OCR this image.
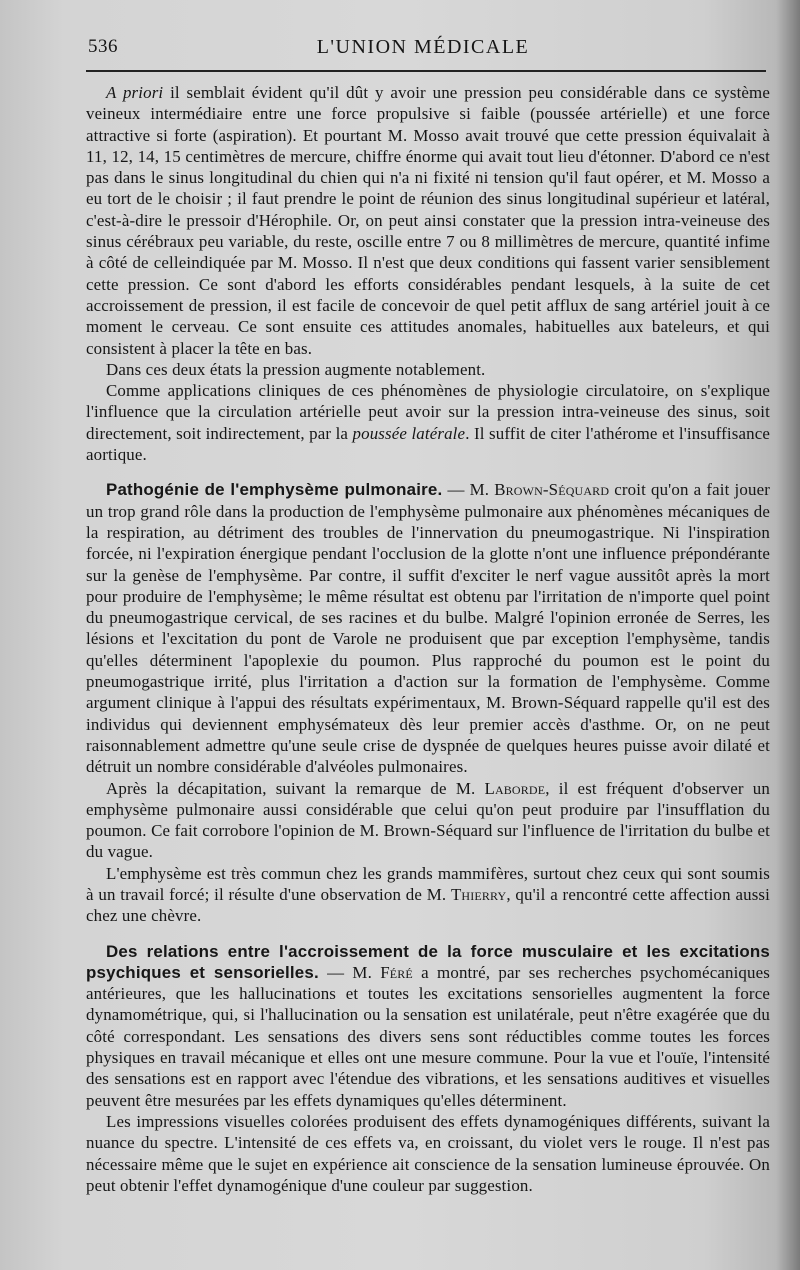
536	L'UNION MÉDICALE

A priori il semblait évident qu'il dût y avoir une pression peu considérable dans ce système veineux intermédiaire entre une force propulsive si faible (poussée artérielle) et une force attractive si forte (aspiration). Et pourtant M. Mosso avait trouvé que cette pression équivalait à 11, 12, 14, 15 centimètres de mercure, chiffre énorme qui avait tout lieu d'étonner. D'abord ce n'est pas dans le sinus longitudinal du chien qui n'a ni fixité ni tension qu'il faut opérer, et M. Mosso a eu tort de le choisir ; il faut prendre le point de réunion des sinus longitudinal supérieur et latéral, c'est-à-dire le pressoir d'Hérophile. Or, on peut ainsi constater que la pression intra-veineuse des sinus cérébraux peu variable, du reste, oscille entre 7 ou 8 millimètres de mercure, quantité infime à côté de celleindiquée par M. Mosso. Il n'est que deux conditions qui fassent varier sensiblement cette pression. Ce sont d'abord les efforts considérables pendant lesquels, à la suite de cet accroissement de pression, il est facile de concevoir de quel petit afflux de sang artériel jouit à ce moment le cerveau. Ce sont ensuite ces attitudes anomales, habituelles aux bateleurs, et qui consistent à placer la tête en bas.

Dans ces deux états la pression augmente notablement.

Comme applications cliniques de ces phénomènes de physiologie circulatoire, on s'explique l'influence que la circulation artérielle peut avoir sur la pression intra-veineuse des sinus, soit directement, soit indirectement, par la poussée latérale. Il suffit de citer l'athérome et l'insuffisance aortique.

Pathogénie de l'emphysème pulmonaire. — M. Brown-Séquard croit qu'on a fait jouer un trop grand rôle dans la production de l'emphysème pulmonaire aux phénomènes mécaniques de la respiration, au détriment des troubles de l'innervation du pneumogastrique. Ni l'inspiration forcée, ni l'expiration énergique pendant l'occlusion de la glotte n'ont une influence prépondérante sur la genèse de l'emphysème. Par contre, il suffit d'exciter le nerf vague aussitôt après la mort pour produire de l'emphysème; le même résultat est obtenu par l'irritation de n'importe quel point du pneumogastrique cervical, de ses racines et du bulbe. Malgré l'opinion erronée de Serres, les lésions et l'excitation du pont de Varole ne produisent que par exception l'emphysème, tandis qu'elles déterminent l'apoplexie du poumon. Plus rapproché du poumon est le point du pneumogastrique irrité, plus l'irritation a d'action sur la formation de l'emphysème. Comme argument clinique à l'appui des résultats expérimentaux, M. Brown-Séquard rappelle qu'il est des individus qui deviennent emphysémateux dès leur premier accès d'asthme. Or, on ne peut raisonnablement admettre qu'une seule crise de dyspnée de quelques heures puisse avoir dilaté et détruit un nombre considérable d'alvéoles pulmonaires.

Après la décapitation, suivant la remarque de M. Laborde, il est fréquent d'observer un emphysème pulmonaire aussi considérable que celui qu'on peut produire par l'insufflation du poumon. Ce fait corrobore l'opinion de M. Brown-Séquard sur l'influence de l'irritation du bulbe et du vague.

L'emphysème est très commun chez les grands mammifères, surtout chez ceux qui sont soumis à un travail forcé; il résulte d'une observation de M. Thierry, qu'il a rencontré cette affection aussi chez une chèvre.

Des relations entre l'accroissement de la force musculaire et les excitations psychiques et sensorielles. — M. Féré a montré, par ses recherches psychomécaniques antérieures, que les hallucinations et toutes les excitations sensorielles augmentent la force dynamométrique, qui, si l'hallucination ou la sensation est unilatérale, peut n'être exagérée que du côté correspondant. Les sensations des divers sens sont réductibles comme toutes les forces physiques en travail mécanique et elles ont une mesure commune. Pour la vue et l'ouïe, l'intensité des sensations est en rapport avec l'étendue des vibrations, et les sensations auditives et visuelles peuvent être mesurées par les effets dynamiques qu'elles déterminent.

Les impressions visuelles colorées produisent des effets dynamogéniques différents, suivant la nuance du spectre. L'intensité de ces effets va, en croissant, du violet vers le rouge. Il n'est pas nécessaire même que le sujet en expérience ait conscience de la sensation lumineuse éprouvée. On peut obtenir l'effet dynamogénique d'une couleur par suggestion.
